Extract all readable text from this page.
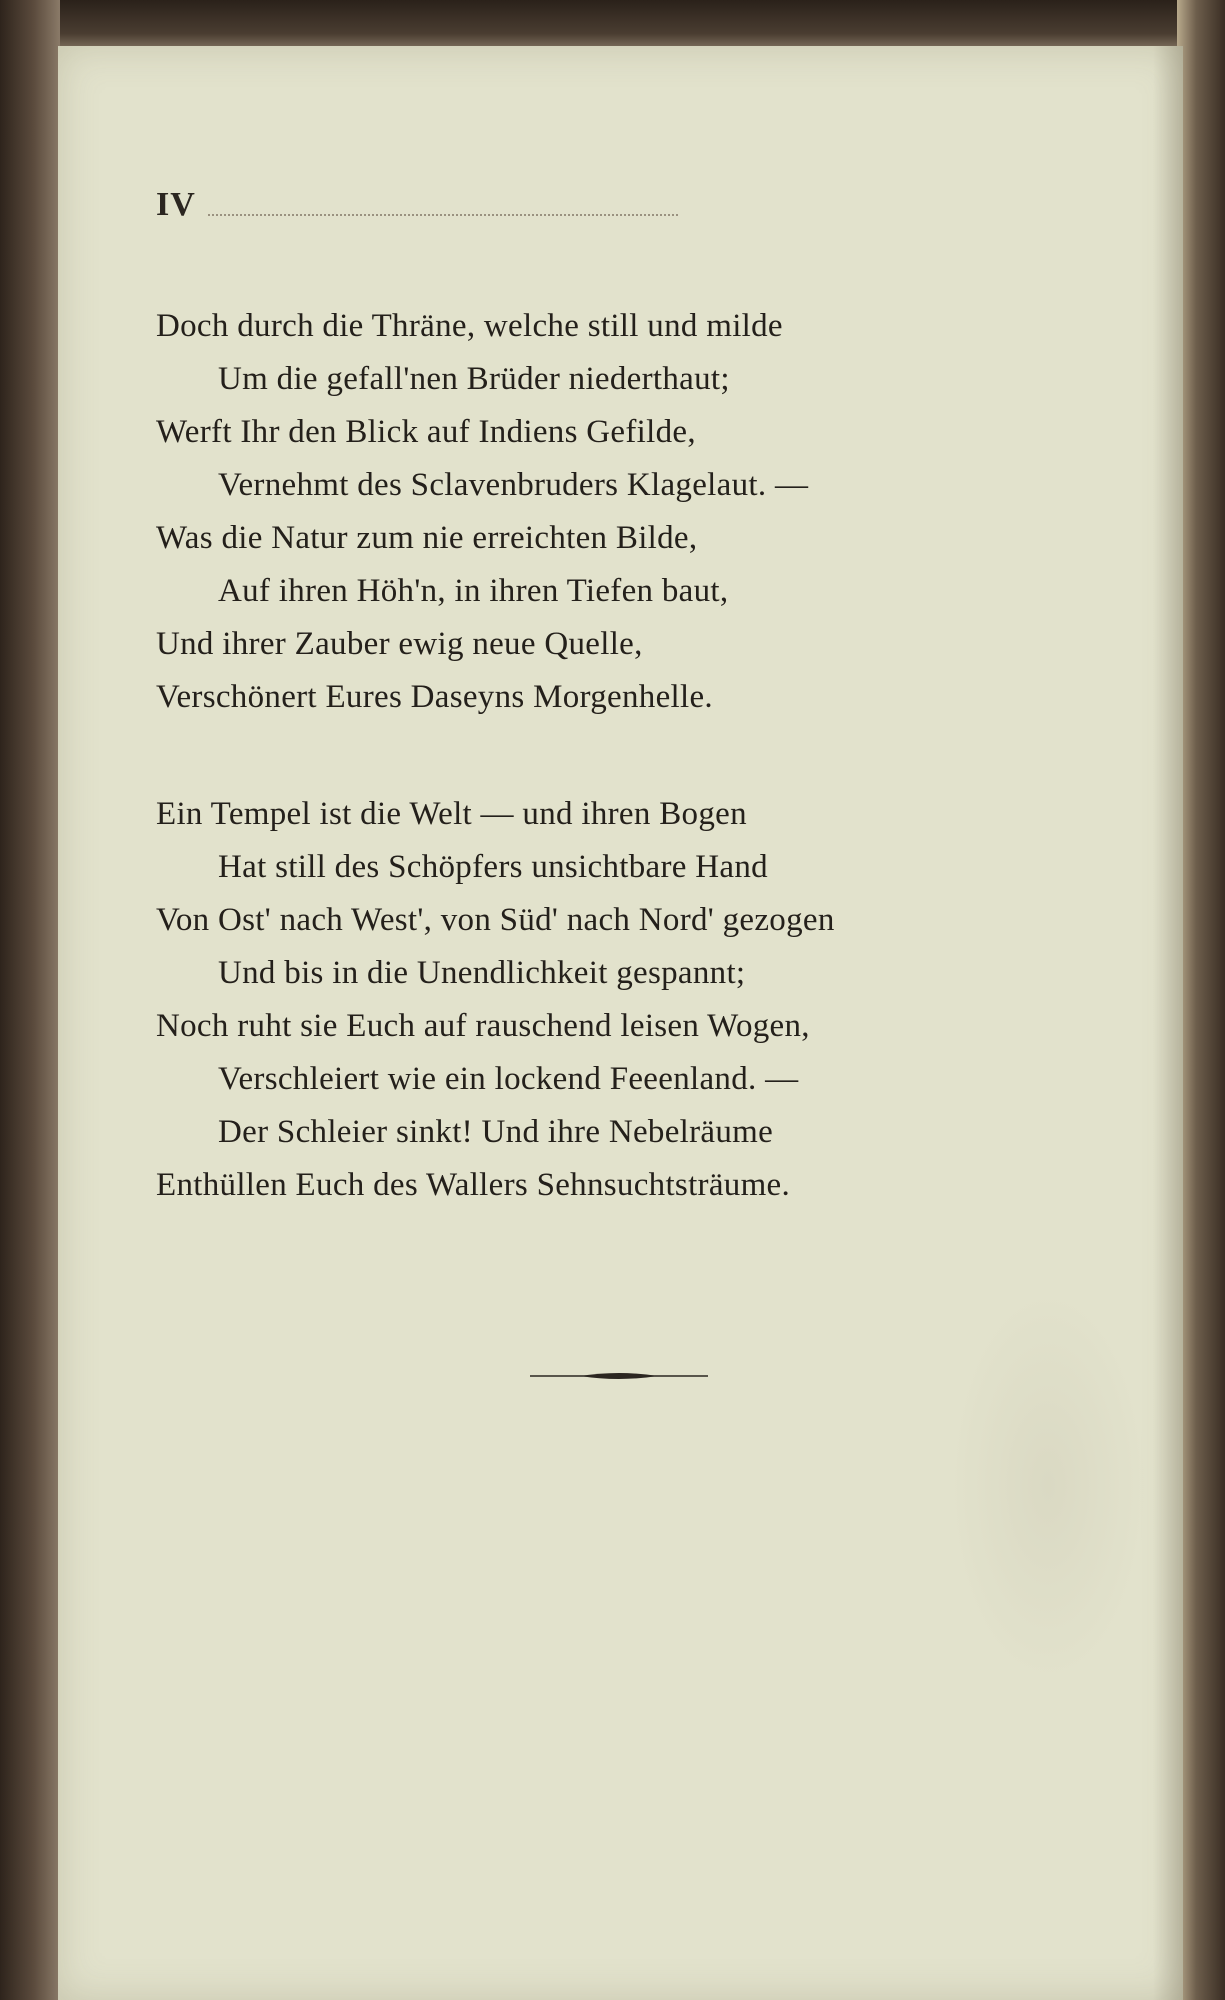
IV
Doch durch die Thräne, welche still und milde
Um die gefall'nen Brüder niederthaut;
Werft Ihr den Blick auf Indiens Gefilde,
Vernehmt des Sclavenbruders Klagelaut. —
Was die Natur zum nie erreichten Bilde,
Auf ihren Höh'n, in ihren Tiefen baut,
Und ihrer Zauber ewig neue Quelle,
Verschönert Eures Daseyns Morgenhelle.
Ein Tempel ist die Welt — und ihren Bogen
Hat still des Schöpfers unsichtbare Hand
Von Ost' nach West', von Süd' nach Nord' gezogen
Und bis in die Unendlichkeit gespannt;
Noch ruht sie Euch auf rauschend leisen Wogen,
Verschleiert wie ein lockend Feeenland. —
Der Schleier sinkt! Und ihre Nebelräume
Enthüllen Euch des Wallers Sehnsuchtsträume.
